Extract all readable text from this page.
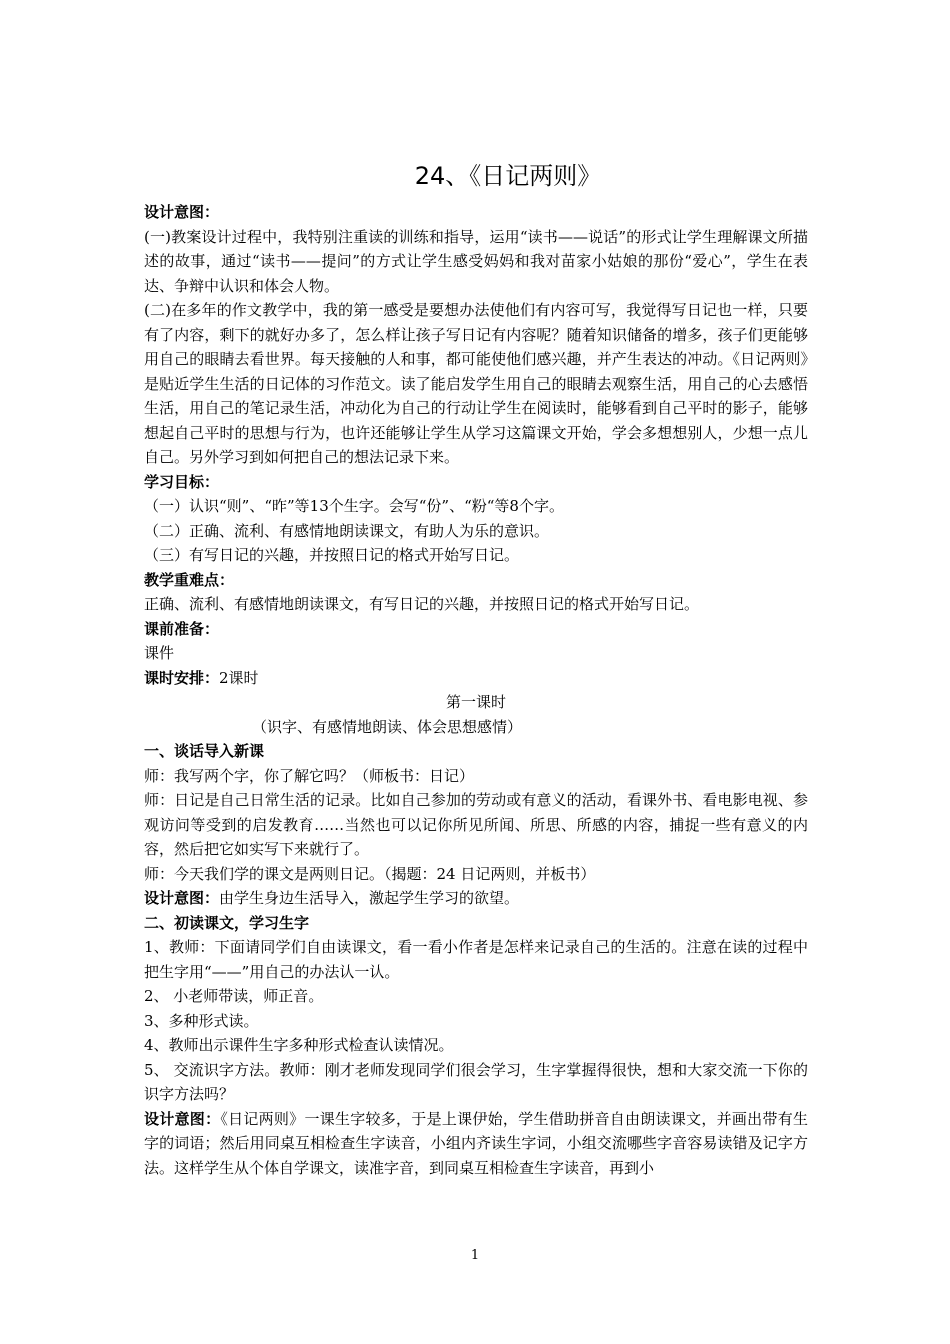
24、《日记两则》
设计意图：

(一)教案设计过程中，我特别注重读的训练和指导，运用“读书——说话”的形式让学生理解课文所描述的故事，通过“读书——提问”的方式让学生感受妈妈和我对苗家小姑娘的那份“爱心”，学生在表达、争辩中认识和体会人物。

(二)在多年的作文教学中，我的第一感受是要想办法使他们有内容可写，我觉得写日记也一样，只要有了内容，剩下的就好办多了，怎么样让孩子写日记有内容呢？随着知识储备的增多，孩子们更能够用自己的眼睛去看世界。每天接触的人和事，都可能使他们感兴趣，并产生表达的冲动。《日记两则》是贴近学生生活的日记体的习作范文。读了能启发学生用自己的眼睛去观察生活，用自己的心去感悟生活，用自己的笔记录生活，冲动化为自己的行动让学生在阅读时，能够看到自己平时的影子，能够想起自己平时的思想与行为，也许还能够让学生从学习这篇课文开始，学会多想想别人，少想一点儿自己。另外学习到如何把自己的想法记录下来。

学习目标：

（一）认识“则”、“昨”等13个生字。会写“份”、“粉“等8个字。

（二）正确、流利、有感情地朗读课文，有助人为乐的意识。

（三）有写日记的兴趣，并按照日记的格式开始写日记。

教学重难点：

正确、流利、有感情地朗读课文，有写日记的兴趣，并按照日记的格式开始写日记。

课前准备：

课件

课时安排：2课时

第一课时

（识字、有感情地朗读、体会思想感情）

一、谈话导入新课

师：我写两个字，你了解它吗？（师板书：日记）

师：日记是自己日常生活的记录。比如自己参加的劳动或有意义的活动，看课外书、看电影电视、参观访问等受到的启发教育……当然也可以记你所见所闻、所思、所感的内容，捕捉一些有意义的内容，然后把它如实写下来就行了。

师：今天我们学的课文是两则日记。（揭题：24 日记两则，并板书）

设计意图：由学生身边生活导入，激起学生学习的欲望。

二、初读课文，学习生字

1、教师：下面请同学们自由读课文，看一看小作者是怎样来记录自己的生活的。注意在读的过程中把生字用“——”用自己的办法认一认。

2、 小老师带读，师正音。

3、多种形式读。

4、教师出示课件生字多种形式检查认读情况。

5、 交流识字方法。教师：刚才老师发现同学们很会学习，生字掌握得很快，想和大家交流一下你的识字方法吗？

设计意图：《日记两则》一课生字较多，于是上课伊始，学生借助拼音自由朗读课文，并画出带有生字的词语；然后用同桌互相检查生字读音，小组内齐读生字词，小组交流哪些字音容易读错及记字方法。这样学生从个体自学课文，读准字音，到同桌互相检查生字读音，再到小

1
